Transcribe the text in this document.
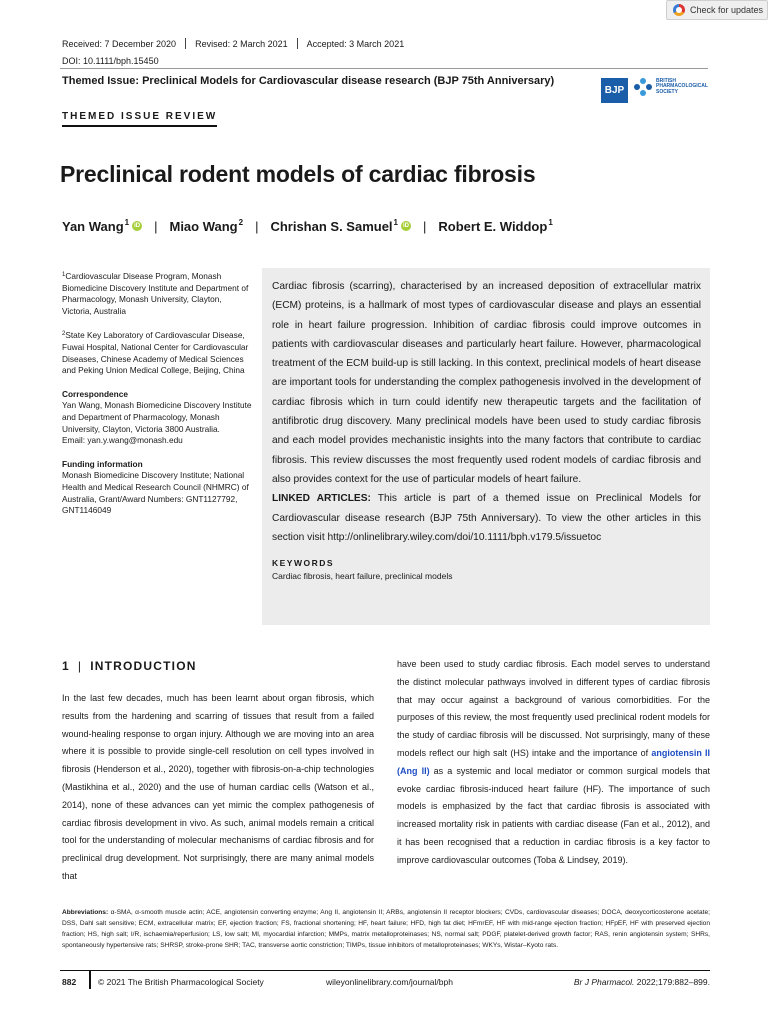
Check for updates
Received: 7 December 2020 Revised: 2 March 2021 Accepted: 3 March 2021
DOI: 10.1111/bph.15450
Themed Issue: Preclinical Models for Cardiovascular disease research (BJP 75th Anniversary)
BJP
BRITISH
PHARMACOLOGICAL
SOCIETY
THEMED ISSUE REVIEW
Preclinical rodent models of cardiac fibrosis
Yan Wang$^1$ iD | Miao Wang$^2$ | Chrishan S. Samuel$^1$ iD | Robert E. Widdop$^1$

$^1$Cardiovascular Disease Program, Monash Biomedicine Discovery Institute and Department of Pharmacology, Monash University, Clayton, Victoria, Australia

$^2$State Key Laboratory of Cardiovascular Disease, Fuwai Hospital, National Center for Cardiovascular Diseases, Chinese Academy of Medical Sciences and Peking Union Medical College, Beijing, China

Correspondence

Yan Wang, Monash Biomedicine Discovery Institute and Department of Pharmacology, Monash University, Clayton, Victoria 3800 Australia.

Email: yan.y.wang@monash.edu

Funding information

Monash Biomedicine Discovery Institute; National Health and Medical Research Council (NHMRC) of Australia, Grant/Award Numbers: GNT1127792, GNT1146049

Cardiac fibrosis (scarring), characterised by an increased deposition of extracellular matrix (ECM) proteins, is a hallmark of most types of cardiovascular disease and plays an essential role in heart failure progression. Inhibition of cardiac fibrosis could improve outcomes in patients with cardiovascular diseases and particularly heart failure. However, pharmacological treatment of the ECM build-up is still lacking. In this context, preclinical models of heart disease are important tools for understanding the complex pathogenesis involved in the development of cardiac fibrosis which in turn could identify new therapeutic targets and the facilitation of antifibrotic drug discovery. Many preclinical models have been used to study cardiac fibrosis and each model provides mechanistic insights into the many factors that contribute to cardiac fibrosis. This review discusses the most frequently used rodent models of cardiac fibrosis and also provides context for the use of particular models of heart failure.

LINKED ARTICLES: This article is part of a themed issue on Preclinical Models for Cardiovascular disease research (BJP 75th Anniversary). To view the other articles in this section visit http://onlinelibrary.wiley.com/doi/10.1111/bph.v179.5/issuetoc

KEYWORDS
Cardiac fibrosis, heart failure, preclinical models
1 | INTRODUCTION

In the last few decades, much has been learnt about organ fibrosis, which results from the hardening and scarring of tissues that result from a failed wound-healing response to organ injury. Although we are moving into an area where it is possible to provide single-cell resolution on cell types involved in fibrosis (Henderson et al., 2020), together with fibrosis-on-a-chip technologies (Mastikhina et al., 2020) and the use of human cardiac cells (Watson et al., 2014), none of these advances can yet mimic the complex pathogenesis of cardiac fibrosis development in vivo. As such, animal models remain a critical tool for the understanding of molecular mechanisms of cardiac fibrosis and for preclinical drug development. Not surprisingly, there are many animal models that

have been used to study cardiac fibrosis. Each model serves to understand the distinct molecular pathways involved in different types of cardiac fibrosis that may occur against a background of various comorbidities. For the purposes of this review, the most frequently used preclinical rodent models for the study of cardiac fibrosis will be discussed. Not surprisingly, many of these models reflect our high salt (HS) intake and the importance of angiotensin II (Ang II) as a systemic and local mediator or common surgical models that evoke cardiac fibrosis-induced heart failure (HF). The importance of such models is emphasized by the fact that cardiac fibrosis is associated with increased mortality risk in patients with cardiac disease (Fan et al., 2012), and it has been recognised that a reduction in cardiac fibrosis is a key factor to improve cardiovascular outcomes (Toba & Lindsey, 2019).

Abbreviations: α-SMA, α-smooth muscle actin; ACE, angiotensin converting enzyme; Ang II, angiotensin II; ARBs, angiotensin II receptor blockers; CVDs, cardiovascular diseases; DOCA, deoxycorticosterone acetate; DSS, Dahl salt sensitive; ECM, extracellular matrix; EF, ejection fraction; FS, fractional shortening; HF, heart failure; HFD, high fat diet; HFmrEF, HF with mid-range ejection fraction; HFpEF, HF with preserved ejection fraction; HS, high salt; I/R, ischaemia/reperfusion; LS, low salt; MI, myocardial infarction; MMPs, matrix metalloproteinases; NS, normal salt; PDGF, platelet-derived growth factor; RAS, renin angiotensin system; SHRs, spontaneously hypertensive rats; SHRSP, stroke-prone SHR; TAC, transverse aortic constriction; TIMPs, tissue inhibitors of metalloproteinases; WKYs, Wistar–Kyoto rats.
882	© 2021 The British Pharmacological Society	wileyonlinelibrary.com/journal/bph	Br J Pharmacol. 2022;179:882–899.
